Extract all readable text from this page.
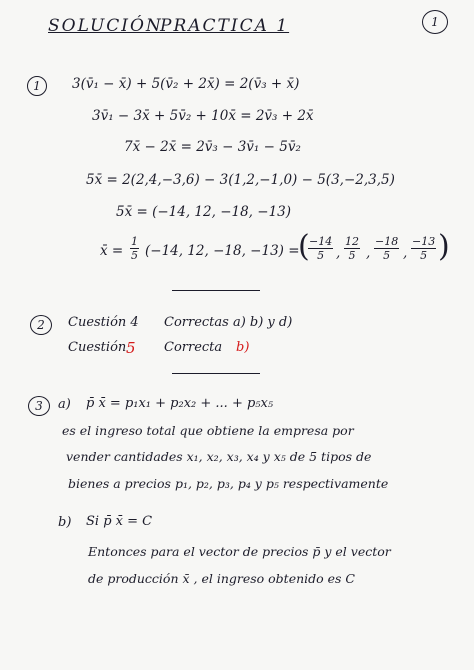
SOLUCIÓN
PRACTICA 1	1
1	3(v̄₁ − x̄) + 5(v̄₂ + 2x̄) = 2(v̄₃ + x̄)
3v̄₁ − 3x̄ + 5v̄₂ + 10x̄ = 2v̄₃ + 2x̄
7x̄ − 2x̄ = 2v̄₃ − 3v̄₁ − 5v̄₂
5x̄ = 2(2,4,−3,6) − 3(1,2,−1,0) − 5(3,−2,3,5)
5x̄ = (−14, 12, −18, −13)
x̄ = $\frac{1}{5} (-14$, 12, −18, −13) =
(
$\frac{-14}{5}$ , $\frac{12}{5}$ , $\frac{-18}{5}$ , $\frac{-13}{5}$ )
2	Cuestión 4 Correctas a) b) y d)
Cuestión 5 Correcta b)
3	a) p̄ x̄ = p₁x₁ + p₂x₂ + ... + p₅x₅
es el ingreso total que obtiene la empresa por
vender cantidades x₁, x₂, x₃, x₄ y x₅ de 5 tipos de
bienes a precios p₁, p₂, p₃, p₄ y p₅ respectivamente
b) Si p̄ x̄ = C
Entonces para el vector de precios p̄ y el vector
de producción x̄ , el ingreso obtenido es C
